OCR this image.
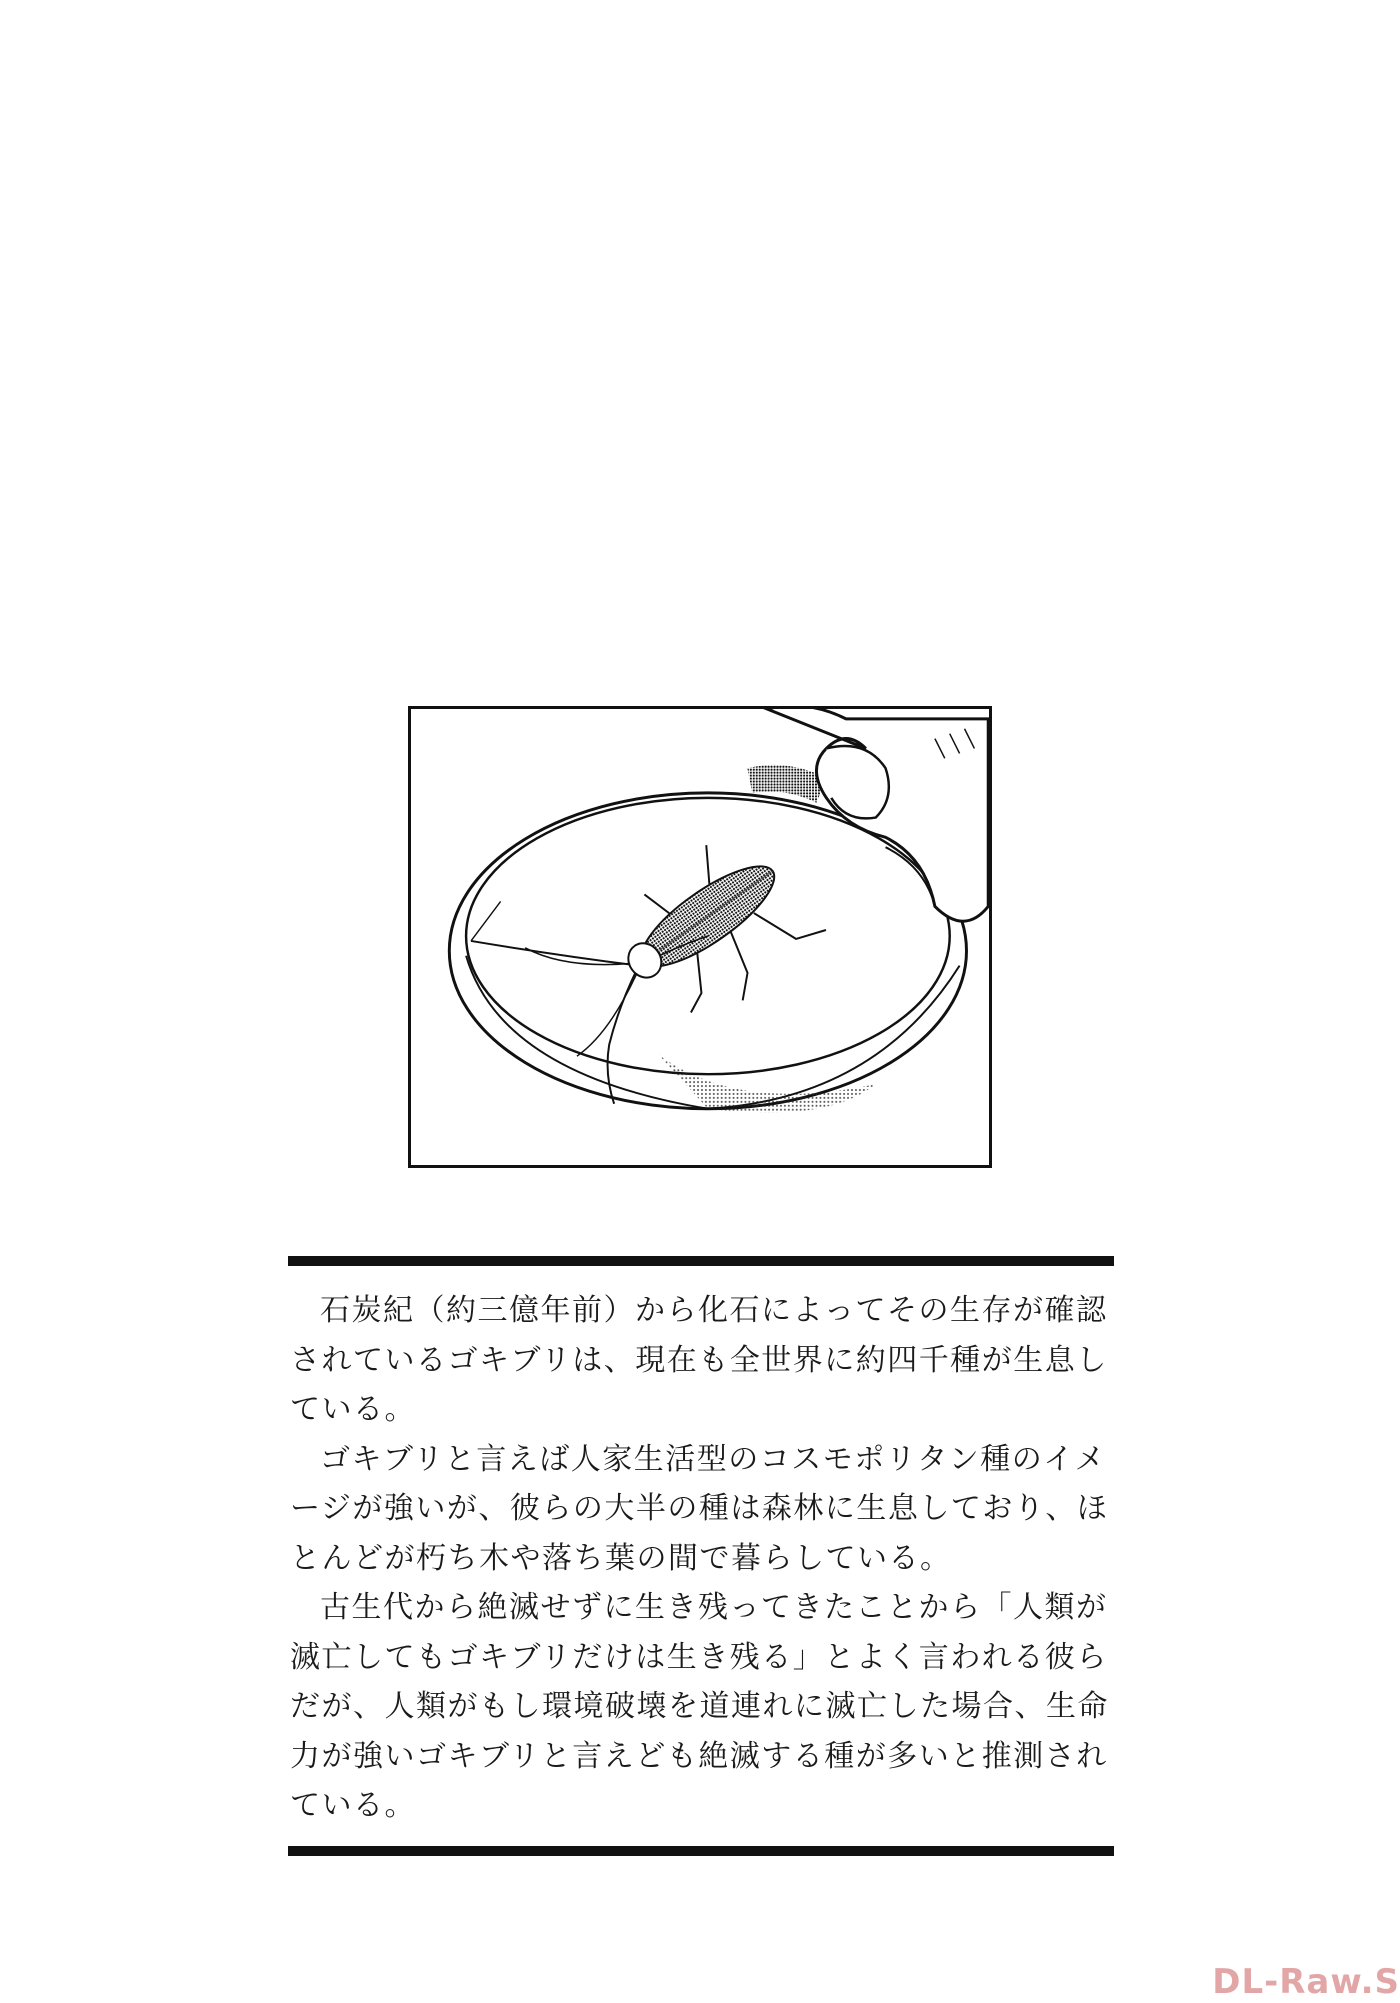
石炭紀（約三億年前）から化石によってその生存が確認されているゴキブリは、現在も全世界に約四千種が生息している。

ゴキブリと言えば人家生活型のコスモポリタン種のイメージが強いが、彼らの大半の種は森林に生息しており、ほとんどが朽ち木や落ち葉の間で暮らしている。

古生代から絶滅せずに生き残ってきたことから「人類が滅亡してもゴキブリだけは生き残る」とよく言われる彼らだが、人類がもし環境破壊を道連れに滅亡した場合、生命力が強いゴキブリと言えども絶滅する種が多いと推測されている。

DL-Raw.S
